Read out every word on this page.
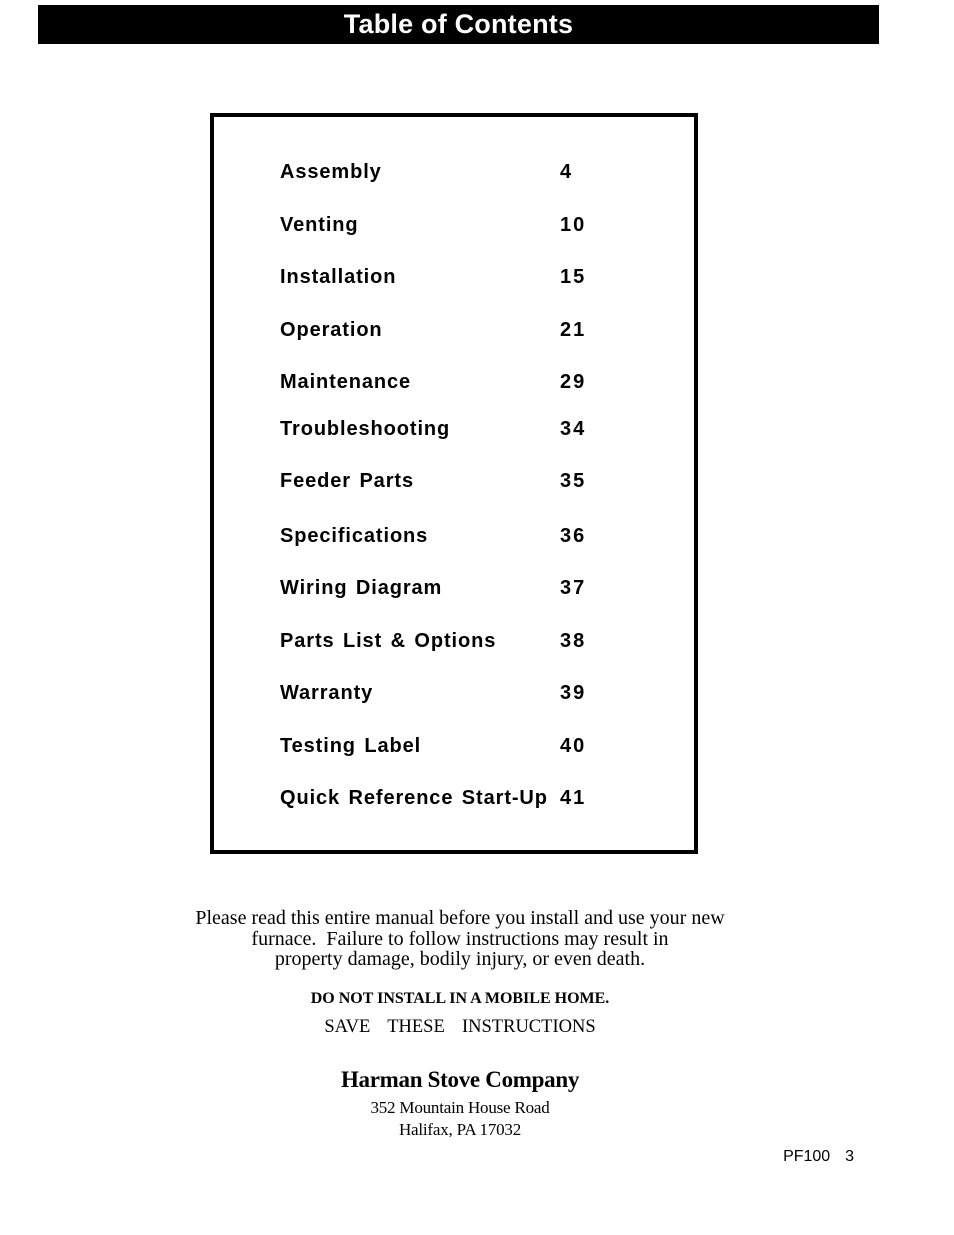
Table of Contents
Assembly	4
Venting	10
Installation	15
Operation	21
Maintenance	29
Troubleshooting	34
Feeder Parts	35
Specifications	36
Wiring Diagram	37
Parts List & Options	38
Warranty	39
Testing Label	40
Quick Reference Start-Up 41
Please read this entire manual before you install and use your new
furnace.  Failure to follow instructions may result in
property damage, bodily injury, or even death.
DO NOT INSTALL IN A MOBILE HOME.
SAVE  THESE  INSTRUCTIONS
Harman Stove Company
352 Mountain House Road
Halifax, PA 17032
PF100  3
